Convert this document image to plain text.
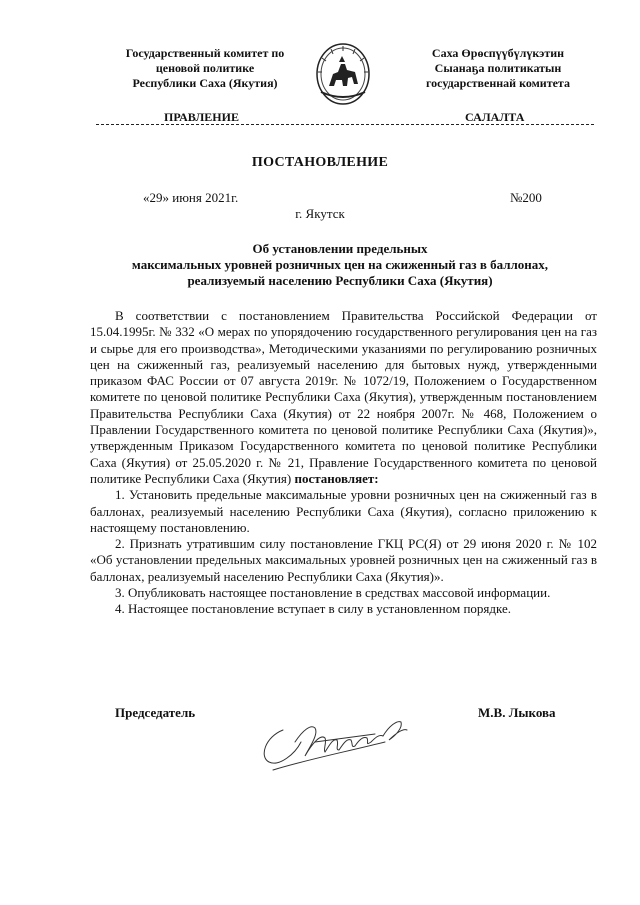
Государственный комитет по
ценовой политике
Республики Саха (Якутия)
Саха Өрөспүүбүлүкэтин
Сыанаҕа политикатын
государственнай комитета
ПРАВЛЕНИЕ	САЛАЛТА
ПОСТАНОВЛЕНИЕ
«29» июня 2021г.	№200
г. Якутск
Об установлении предельных
максимальных уровней розничных цен на сжиженный газ в баллонах,
реализуемый населению Республики Саха (Якутия)

В соответствии с постановлением Правительства Российской Федерации от 15.04.1995г. № 332 «О мерах по упорядочению государственного регулирования цен на газ и сырье для его производства», Методическими указаниями по регулированию розничных цен на сжиженный газ, реализуемый населению для бытовых нужд, утвержденными приказом ФАС России от 07 августа 2019г. № 1072/19, Положением о Государственном комитете по ценовой политике Республики Саха (Якутия), утвержденным постановлением Правительства Республики Саха (Якутия) от 22 ноября 2007г. № 468, Положением о Правлении Государственного комитета по ценовой политике Республики Саха (Якутия)», утвержденным Приказом Государственного комитета по ценовой политике Республики Саха (Якутия) от 25.05.2020 г. № 21, Правление Государственного комитета по ценовой политике Республики Саха (Якутия) постановляет:

1. Установить предельные максимальные уровни розничных цен на сжиженный газ в баллонах, реализуемый населению Республики Саха (Якутия), согласно приложению к настоящему постановлению.

2. Признать утратившим силу постановление ГКЦ РС(Я) от 29 июня 2020 г. № 102 «Об установлении предельных максимальных уровней розничных цен на сжиженный газ в баллонах, реализуемый населению Республики Саха (Якутия)».

3. Опубликовать настоящее постановление в средствах массовой информации.

4. Настоящее постановление вступает в силу в установленном порядке.

Председатель	М.В. Лыкова
